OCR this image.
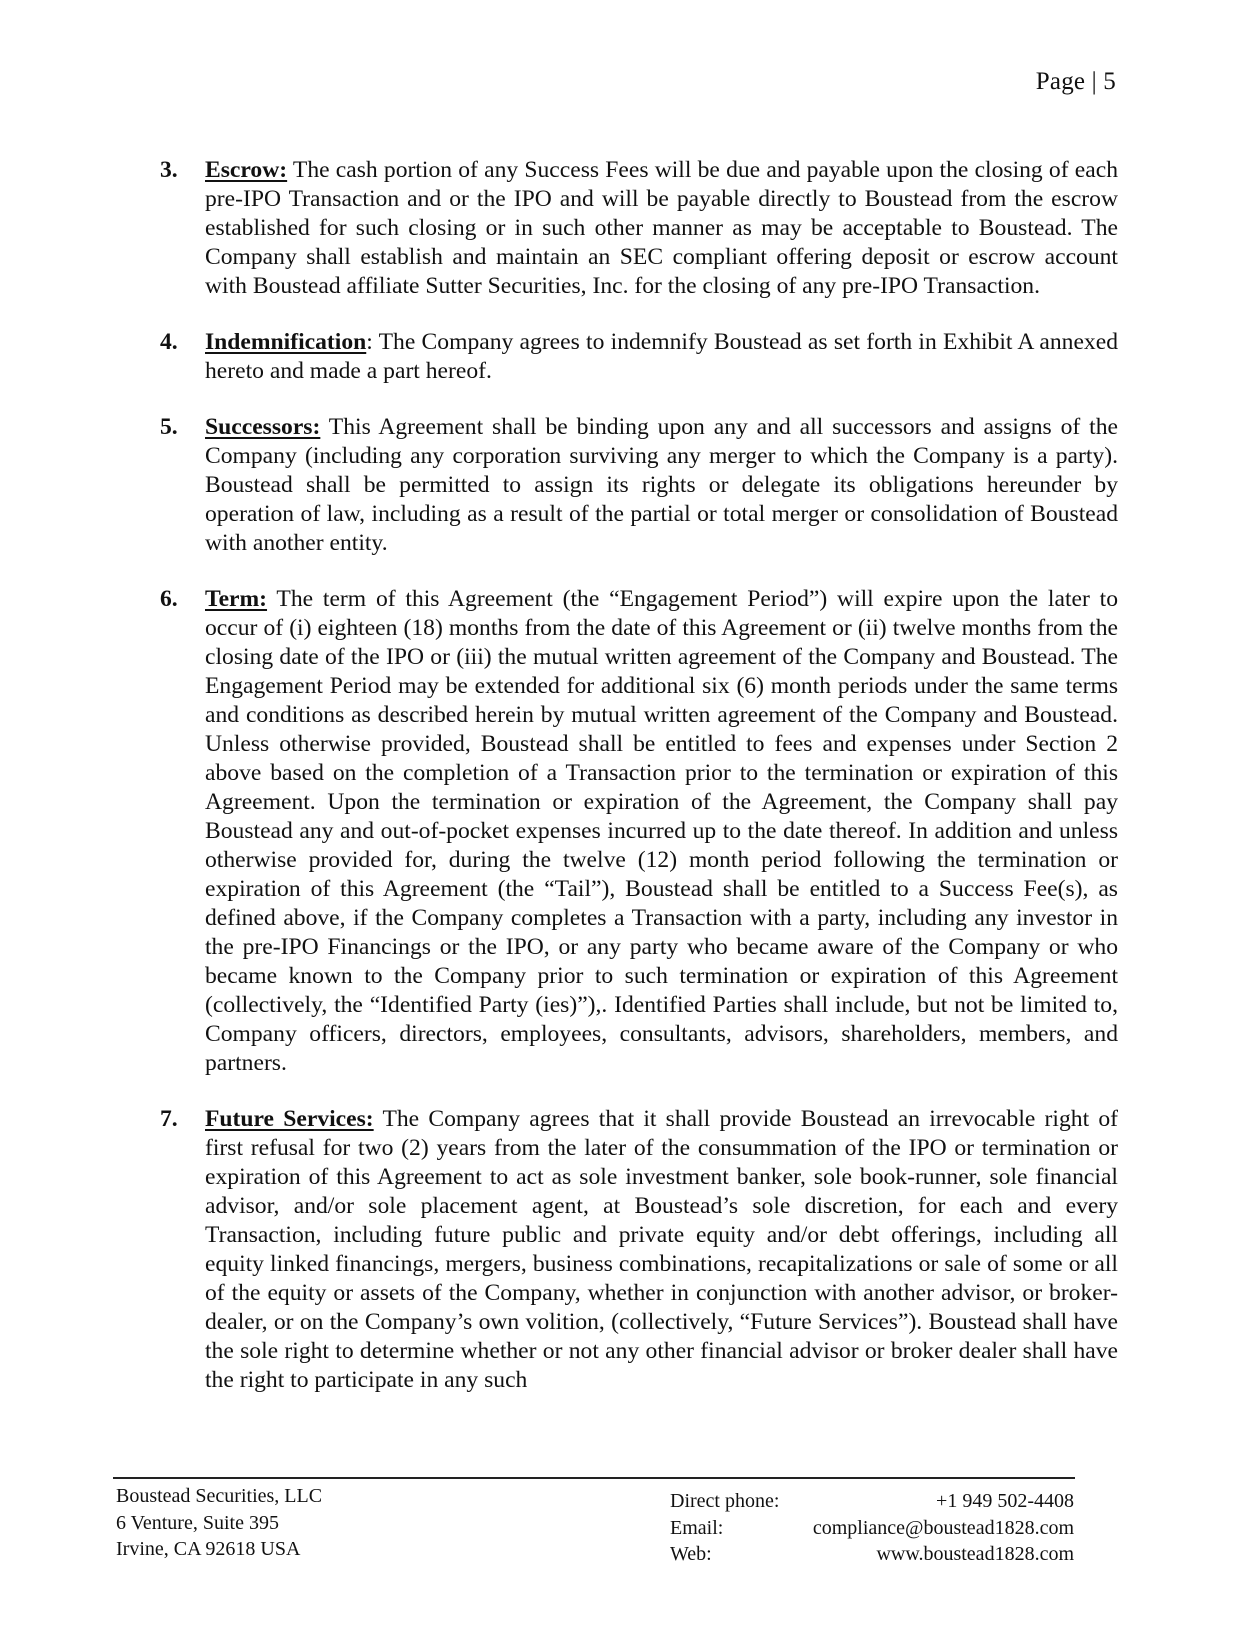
Page | 5
3. Escrow: The cash portion of any Success Fees will be due and payable upon the closing of each pre-IPO Transaction and or the IPO and will be payable directly to Boustead from the escrow established for such closing or in such other manner as may be acceptable to Boustead. The Company shall establish and maintain an SEC compliant offering deposit or escrow account with Boustead affiliate Sutter Securities, Inc. for the closing of any pre-IPO Transaction.
4. Indemnification: The Company agrees to indemnify Boustead as set forth in Exhibit A annexed hereto and made a part hereof.
5. Successors: This Agreement shall be binding upon any and all successors and assigns of the Company (including any corporation surviving any merger to which the Company is a party). Boustead shall be permitted to assign its rights or delegate its obligations hereunder by operation of law, including as a result of the partial or total merger or consolidation of Boustead with another entity.
6. Term: The term of this Agreement (the “Engagement Period”) will expire upon the later to occur of (i) eighteen (18) months from the date of this Agreement or (ii) twelve months from the closing date of the IPO or (iii) the mutual written agreement of the Company and Boustead. The Engagement Period may be extended for additional six (6) month periods under the same terms and conditions as described herein by mutual written agreement of the Company and Boustead. Unless otherwise provided, Boustead shall be entitled to fees and expenses under Section 2 above based on the completion of a Transaction prior to the termination or expiration of this Agreement. Upon the termination or expiration of the Agreement, the Company shall pay Boustead any and out-of-pocket expenses incurred up to the date thereof. In addition and unless otherwise provided for, during the twelve (12) month period following the termination or expiration of this Agreement (the “Tail”), Boustead shall be entitled to a Success Fee(s), as defined above, if the Company completes a Transaction with a party, including any investor in the pre-IPO Financings or the IPO, or any party who became aware of the Company or who became known to the Company prior to such termination or expiration of this Agreement (collectively, the “Identified Party (ies)”),. Identified Parties shall include, but not be limited to, Company officers, directors, employees, consultants, advisors, shareholders, members, and partners.
7. Future Services: The Company agrees that it shall provide Boustead an irrevocable right of first refusal for two (2) years from the later of the consummation of the IPO or termination or expiration of this Agreement to act as sole investment banker, sole book-runner, sole financial advisor, and/or sole placement agent, at Boustead’s sole discretion, for each and every Transaction, including future public and private equity and/or debt offerings, including all equity linked financings, mergers, business combinations, recapitalizations or sale of some or all of the equity or assets of the Company, whether in conjunction with another advisor, or broker-dealer, or on the Company’s own volition, (collectively, “Future Services”). Boustead shall have the sole right to determine whether or not any other financial advisor or broker dealer shall have the right to participate in any such
Boustead Securities, LLC
6 Venture, Suite 395
Irvine, CA 92618 USA
Direct phone:	+1 949 502-4408
Email:	compliance@boustead1828.com
Web:	www.boustead1828.com
